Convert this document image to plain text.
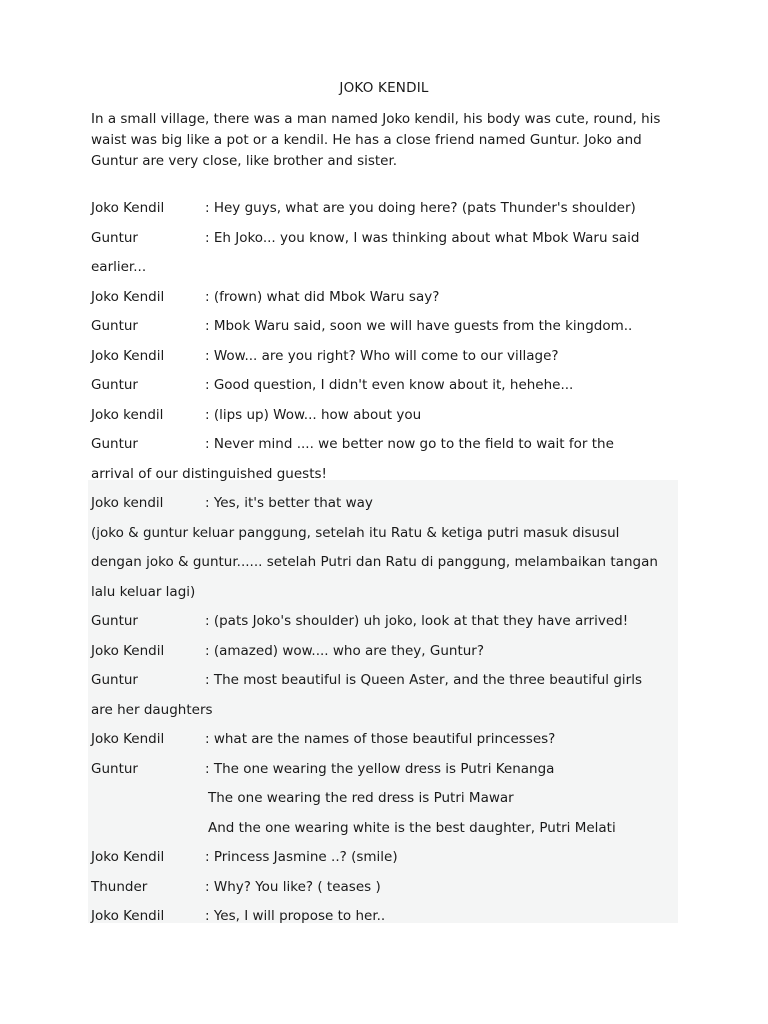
JOKO KENDIL
In a small village, there was a man named Joko kendil, his body was cute, round, his waist was big like a pot or a kendil. He has a close friend named Guntur. Joko and Guntur are very close, like brother and sister.
Joko Kendil	: Hey guys, what are you doing here? (pats Thunder's shoulder)
Guntur	: Eh Joko... you know, I was thinking about what Mbok Waru said
earlier...
Joko Kendil	: (frown) what did Mbok Waru say?
Guntur	: Mbok Waru said, soon we will have guests from the kingdom..
Joko Kendil	: Wow... are you right? Who will come to our village?
Guntur	: Good question, I didn't even know about it, hehehe...
Joko kendil	: (lips up) Wow... how about you
Guntur	: Never mind .... we better now go to the field to wait for the
arrival of our distinguished guests!
Joko kendil	: Yes, it's better that way
(joko & guntur keluar panggung, setelah itu Ratu & ketiga putri masuk disusul
dengan joko & guntur...... setelah Putri dan Ratu di panggung, melambaikan tangan
lalu keluar lagi)
Guntur	: (pats Joko's shoulder) uh joko, look at that they have arrived!
Joko Kendil	: (amazed) wow.... who are they, Guntur?
Guntur	: The most beautiful is Queen Aster, and the three beautiful girls
are her daughters
Joko Kendil	: what are the names of those beautiful princesses?
Guntur	: The one wearing the yellow dress is Putri Kenanga
The one wearing the red dress is Putri Mawar
And the one wearing white is the best daughter, Putri Melati
Joko Kendil	: Princess Jasmine ..? (smile)
Thunder	: Why? You like? ( teases )
Joko Kendil	: Yes, I will propose to her..
